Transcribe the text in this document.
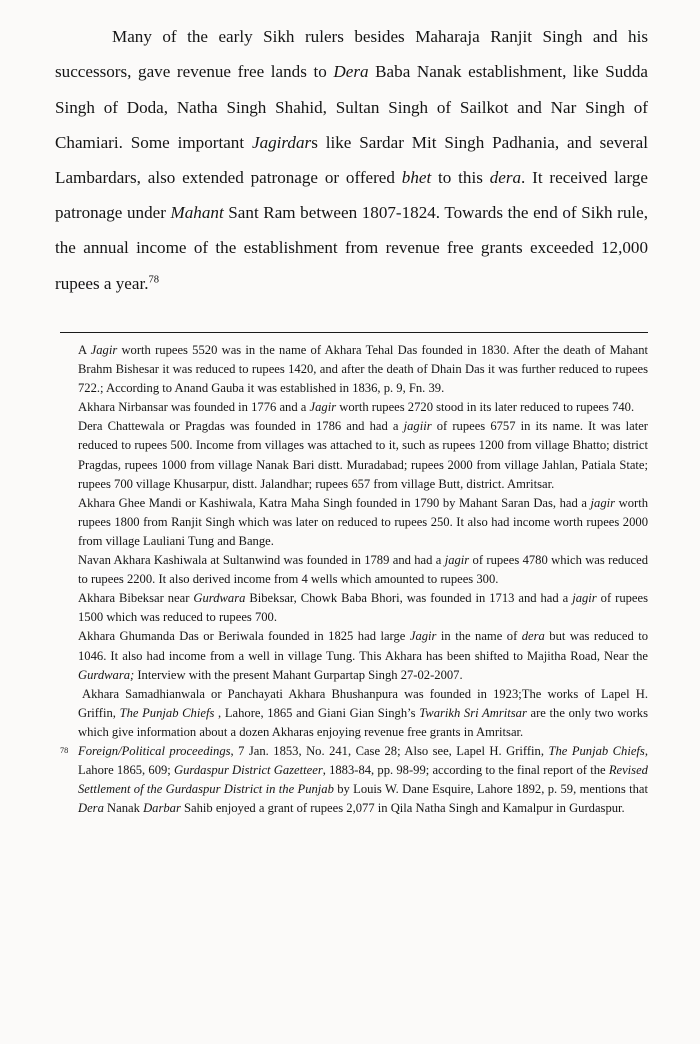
Many of the early Sikh rulers besides Maharaja Ranjit Singh and his successors, gave revenue free lands to Dera Baba Nanak establishment, like Sudda Singh of Doda, Natha Singh Shahid, Sultan Singh of Sailkot and Nar Singh of Chamiari. Some important Jagirdars like Sardar Mit Singh Padhania, and several Lambardars, also extended patronage or offered bhet to this dera. It received large patronage under Mahant Sant Ram between 1807-1824. Towards the end of Sikh rule, the annual income of the establishment from revenue free grants exceeded 12,000 rupees a year.$^{78}$

A Jagir worth rupees 5520 was in the name of Akhara Tehal Das founded in 1830. After the death of Mahant Brahm Bishesar it was reduced to rupees 1420, and after the death of Dhain Das it was further reduced to rupees 722.; According to Anand Gauba it was established in 1836, p. 9, Fn. 39.

Akhara Nirbansar was founded in 1776 and a Jagir worth rupees 2720 stood in its later reduced to rupees 740.

Dera Chattewala or Pragdas was founded in 1786 and had a jagiir of rupees 6757 in its name. It was later reduced to rupees 500. Income from villages was attached to it, such as rupees 1200 from village Bhatto; district Pragdas, rupees 1000 from village Nanak Bari distt. Muradabad; rupees 2000 from village Jahlan, Patiala State; rupees 700 village Khusarpur, distt. Jalandhar; rupees 657 from village Butt, district. Amritsar.

Akhara Ghee Mandi or Kashiwala, Katra Maha Singh founded in 1790 by Mahant Saran Das, had a jagir worth rupees 1800 from Ranjit Singh which was later on reduced to rupees 250. It also had income worth rupees 2000 from village Lauliani Tung and Bange.

Navan Akhara Kashiwala at Sultanwind was founded in 1789 and had a jagir of rupees 4780 which was reduced to rupees 2200. It also derived income from 4 wells which amounted to rupees 300.

Akhara Bibeksar near Gurdwara Bibeksar, Chowk Baba Bhori, was founded in 1713 and had a jagir of rupees 1500 which was reduced to rupees 700.

Akhara Ghumanda Das or Beriwala founded in 1825 had large Jagir in the name of dera but was reduced to 1046. It also had income from a well in village Tung. This Akhara has been shifted to Majitha Road, Near the Gurdwara; Interview with the present Mahant Gurpartap Singh 27-02-2007.

Akhara Samadhianwala or Panchayati Akhara Bhushanpura was founded in 1923;The works of Lapel H. Griffin, The Punjab Chiefs , Lahore, 1865 and Giani Gian Singh’s Twarikh Sri Amritsar are the only two works which give information about a dozen Akharas enjoying revenue free grants in Amritsar.

78 Foreign/Political proceedings, 7 Jan. 1853, No. 241, Case 28; Also see, Lapel H. Griffin, The Punjab Chiefs, Lahore 1865, 609; Gurdaspur District Gazetteer, 1883-84, pp. 98-99; according to the final report of the Revised Settlement of the Gurdaspur District in the Punjab by Louis W. Dane Esquire, Lahore 1892, p. 59, mentions that Dera Nanak Darbar Sahib enjoyed a grant of rupees 2,077 in Qila Natha Singh and Kamalpur in Gurdaspur.
